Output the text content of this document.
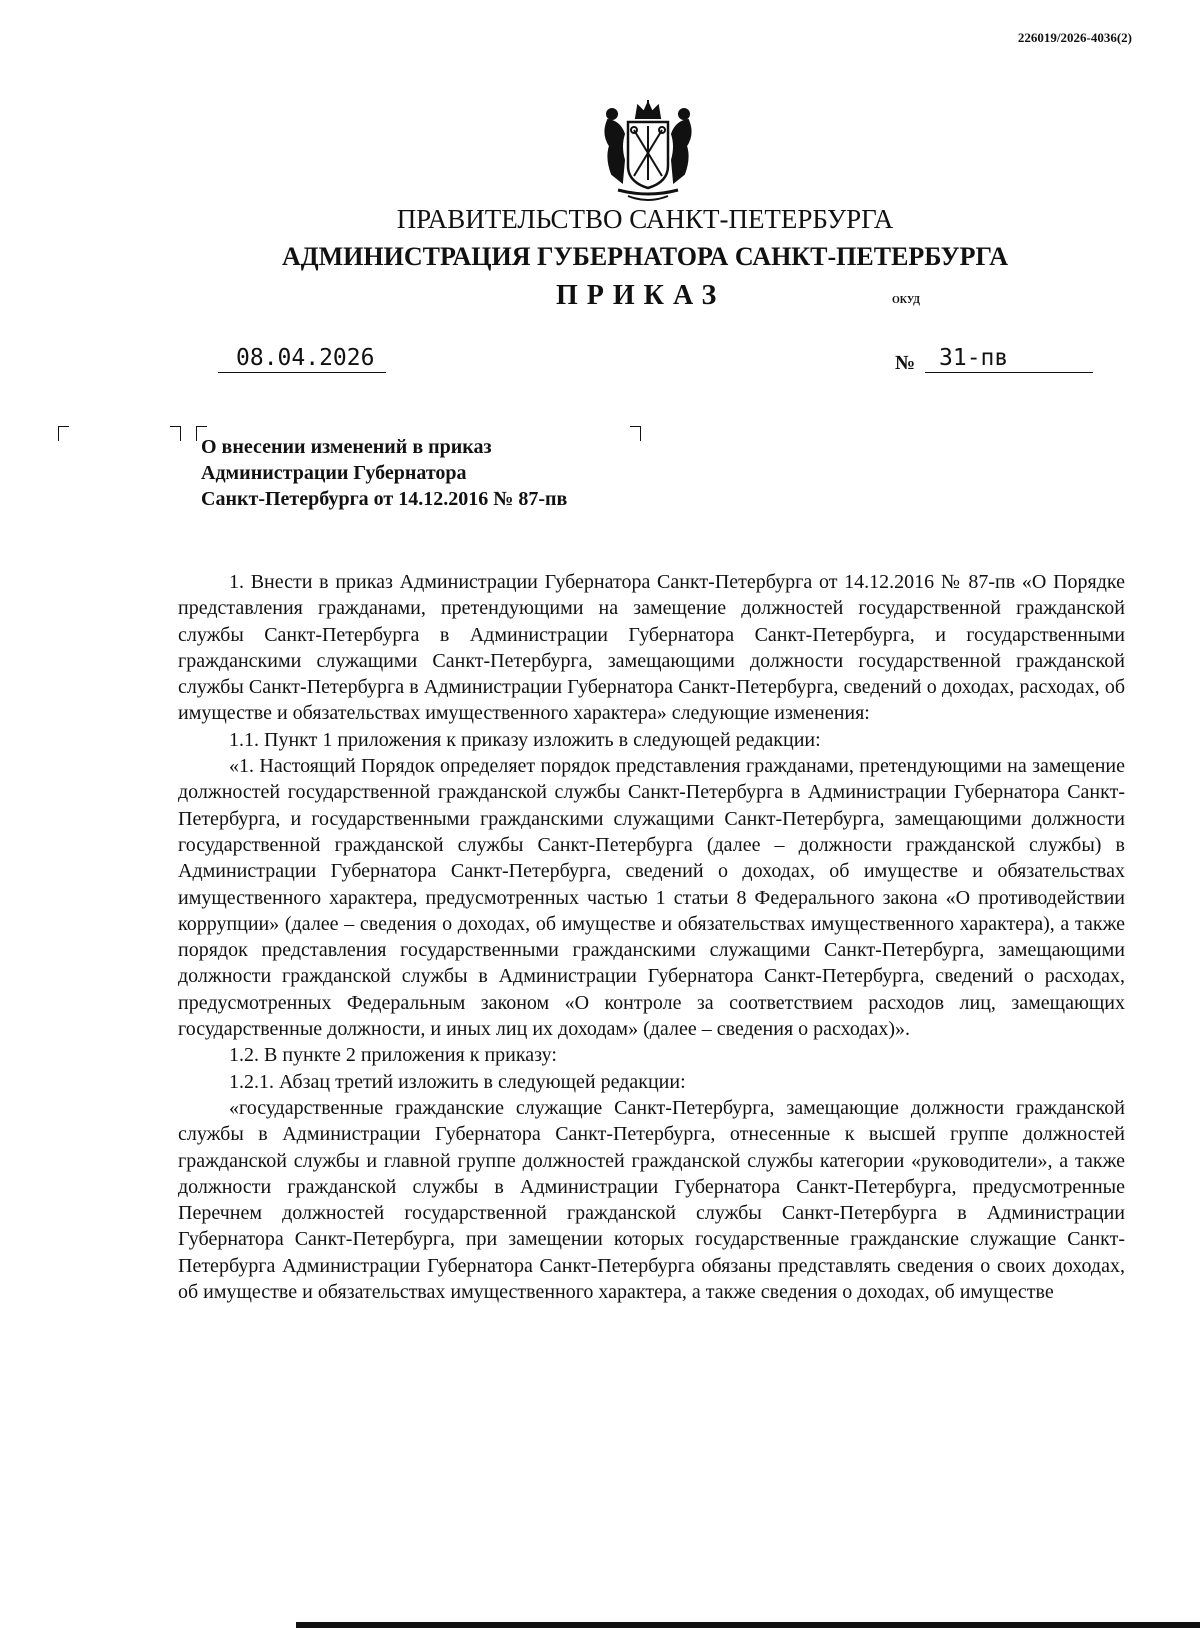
226019/2026-4036(2)
ПРАВИТЕЛЬСТВО САНКТ-ПЕТЕРБУРГА
АДМИНИСТРАЦИЯ ГУБЕРНАТОРА САНКТ-ПЕТЕРБУРГА
ПРИКАЗ	ОКУД
08.04.2026	№	31-пв
О внесении изменений в приказ
Администрации Губернатора
Санкт-Петербурга от 14.12.2016 № 87-пв

1. Внести в приказ Администрации Губернатора Санкт-Петербурга от 14.12.2016 № 87-пв «О Порядке представления гражданами, претендующими на замещение должностей государственной гражданской службы Санкт-Петербурга в Администрации Губернатора Санкт-Петербурга, и государственными гражданскими служащими Санкт-Петербурга, замещающими должности государственной гражданской службы Санкт-Петербурга в Администрации Губернатора Санкт-Петербурга, сведений о доходах, расходах, об имуществе и обязательствах имущественного характера» следующие изменения:

1.1. Пункт 1 приложения к приказу изложить в следующей редакции:

«1. Настоящий Порядок определяет порядок представления гражданами, претендующими на замещение должностей государственной гражданской службы Санкт-Петербурга в Администрации Губернатора Санкт-Петербурга, и государственными гражданскими служащими Санкт-Петербурга, замещающими должности государственной гражданской службы Санкт-Петербурга (далее – должности гражданской службы) в Администрации Губернатора Санкт-Петербурга, сведений о доходах, об имуществе и обязательствах имущественного характера, предусмотренных частью 1 статьи 8 Федерального закона «О противодействии коррупции» (далее – сведения о доходах, об имуществе и обязательствах имущественного характера), а также порядок представления государственными гражданскими служащими Санкт-Петербурга, замещающими должности гражданской службы в Администрации Губернатора Санкт-Петербурга, сведений о расходах, предусмотренных Федеральным законом «О контроле за соответствием расходов лиц, замещающих государственные должности, и иных лиц их доходам» (далее – сведения о расходах)».

1.2. В пункте 2 приложения к приказу:

1.2.1. Абзац третий изложить в следующей редакции:

«государственные гражданские служащие Санкт-Петербурга, замещающие должности гражданской службы в Администрации Губернатора Санкт-Петербурга, отнесенные к высшей группе должностей гражданской службы и главной группе должностей гражданской службы категории «руководители», а также должности гражданской службы в Администрации Губернатора Санкт-Петербурга, предусмотренные Перечнем должностей государственной гражданской службы Санкт-Петербурга в Администрации Губернатора Санкт-Петербурга, при замещении которых государственные гражданские служащие Санкт-Петербурга Администрации Губернатора Санкт-Петербурга обязаны представлять сведения о своих доходах, об имуществе и обязательствах имущественного характера, а также сведения о доходах, об имуществе
